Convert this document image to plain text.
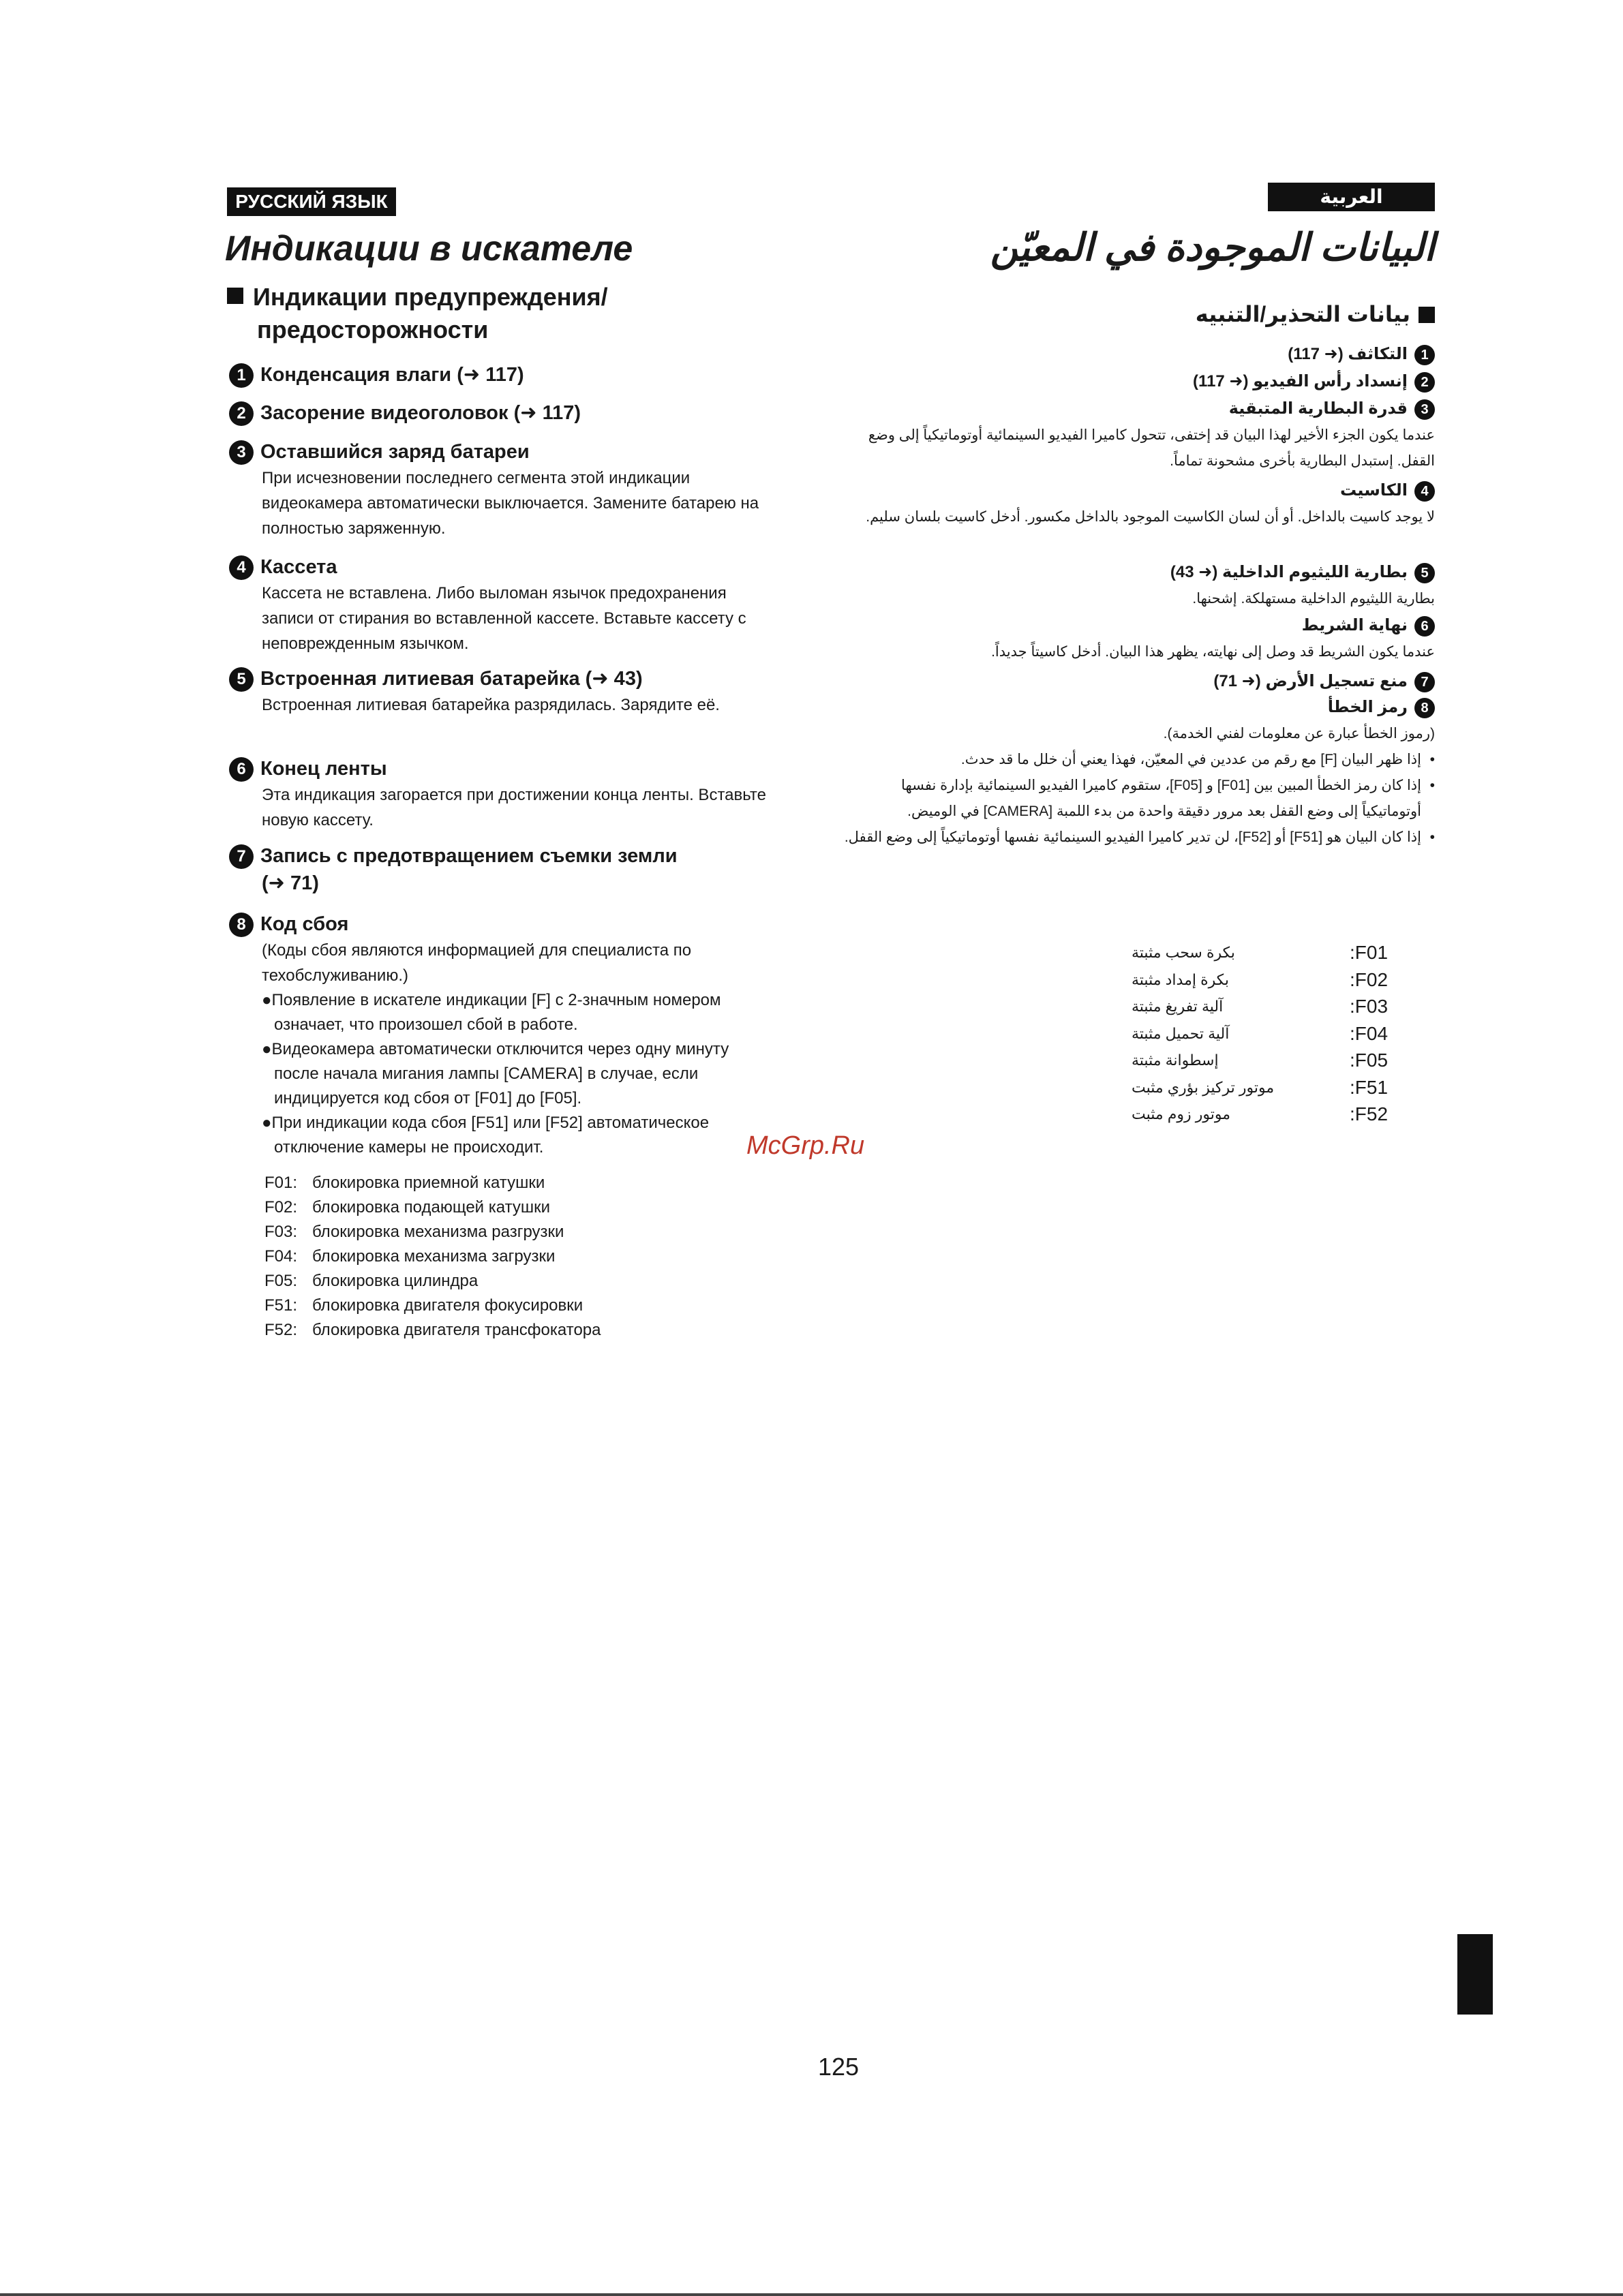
РУССКИЙ ЯЗЫК	العربية
Индикации в искателе	البيانات الموجودة في المعيّن
Индикации предупреждения/
предосторожности
بيانات التحذير/التنبيه
1 Конденсация влаги (➜ 117)
2 Засорение видеоголовок (➜ 117)
3 Оставшийся заряд батареи
При исчезновении последнего сегмента этой индикации видеокамера автоматически выключается. Замените батарею на полностью заряженную.
4 Кассета
Кассета не вставлена. Либо выломан язычок предохранения записи от стирания во вставленной кассете. Вставьте кассету с неповрежденным язычком.
5 Встроенная литиевая батарейка (➜ 43)
Встроенная литиевая батарейка разрядилась. Зарядите её.
6 Конец ленты
Эта индикация загорается при достижении конца ленты. Вставьте новую кассету.
7 Запись с предотвращением съемки земли
(➜ 71)
8 Код сбоя
(Коды сбоя являются информацией для специалиста по техобслуживанию.)
●Появление в искателе индикации [F] с 2-значным номером означает, что произошел сбой в работе.
●Видеокамера автоматически отключится через одну минуту после начала мигания лампы [CAMERA] в случае, если индицируется код сбоя от [F01] до [F05].
●При индикации кода сбоя [F51] или [F52] автоматическое отключение камеры не происходит.
F01: блокировка приемной катушки
F02: блокировка подающей катушки
F03: блокировка механизма разгрузки
F04: блокировка механизма загрузки
F05: блокировка цилиндра
F51: блокировка двигателя фокусировки
F52: блокировка двигателя трансфокатора
1التكاثف (➜ 117)
2إنسداد رأس الفيديو (➜ 117)
3قدرة البطارية المتبقية
عندما يكون الجزء الأخير لهذا البيان قد إختفى، تتحول كاميرا الفيديو السينمائية أوتوماتيكياً إلى وضع القفل. إستبدل البطارية بأخرى مشحونة تماماً.
4الكاسيت
لا يوجد كاسيت بالداخل. أو أن لسان الكاسيت الموجود بالداخل مكسور. أدخل كاسيت بلسان سليم.
5بطارية الليثيوم الداخلية (➜ 43)
بطارية الليثيوم الداخلية مستهلكة. إشحنها.
6نهاية الشريط
عندما يكون الشريط قد وصل إلى نهايته، يظهر هذا البيان. أدخل كاسيتاً جديداً.
7منع تسجيل الأرض (➜ 71)
8رمز الخطأ
(رموز الخطأ عبارة عن معلومات لفني الخدمة).
• إذا ظهر البيان [F] مع رقم من عددين في المعيّن، فهذا يعني أن خلل ما قد حدث.
• إذا كان رمز الخطأ المبين بين [F01] و [F05]، ستقوم كاميرا الفيديو السينمائية بإدارة نفسها أوتوماتيكياً إلى وضع القفل بعد مرور دقيقة واحدة من بدء اللمبة [CAMERA] في الوميض.
• إذا كان البيان هو [F51] أو [F52]، لن تدير كاميرا الفيديو السينمائية نفسها أوتوماتيكياً إلى وضع القفل.
بكرة سحب مثبتة	:F01
بكرة إمداد مثبتة	:F02
آلية تفريغ مثبتة	:F03
آلية تحميل مثبتة	:F04
إسطوانة مثبتة	:F05
موتور تركيز بؤري مثبت	:F51
موتور زوم مثبت	:F52
McGrp.Ru
125
